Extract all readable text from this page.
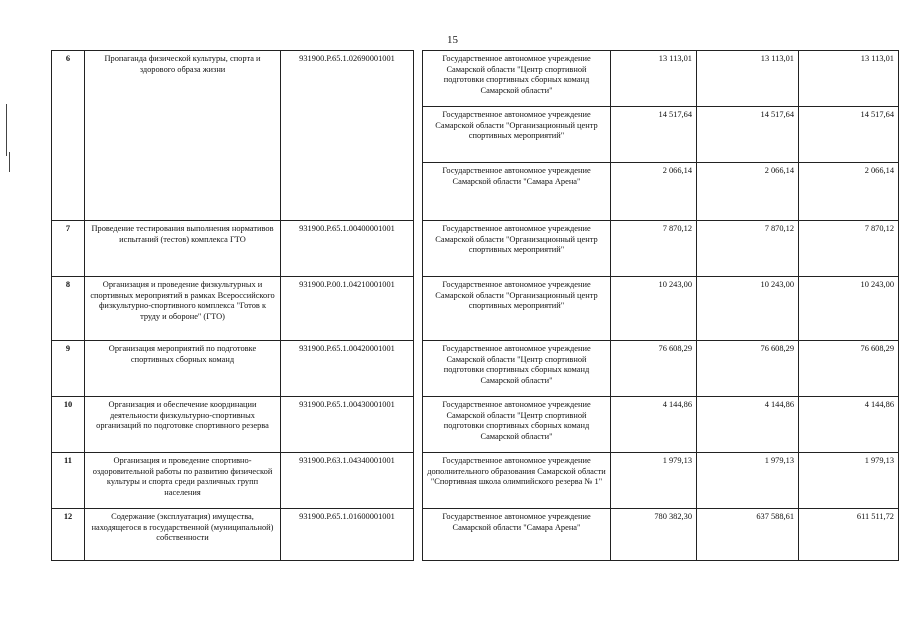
15
6	Пропаганда физической культуры, спорта и здорового образа жизни	931900.Р.65.1.02690001001		Государственное автономное учреждение Самарской области "Центр спортивной подготовки спортивных сборных команд Самарской области"	13 113,01	13 113,01	13 113,01
				Государственное автономное учреждение Самарской области "Организационный центр спортивных мероприятий"	14 517,64	14 517,64	14 517,64
				Государственное автономное учреждение Самарской области "Самара Арена"	2 066,14	2 066,14	2 066,14
7	Проведение тестирования выполнения нормативов испытаний (тестов) комплекса ГТО	931900.Р.65.1.00400001001		Государственное автономное учреждение Самарской области "Организационный центр спортивных мероприятий"	7 870,12	7 870,12	7 870,12
8	Организация и проведение физкультурных и спортивных мероприятий в рамках Всероссийского физкультурно-спортивного комплекса "Готов к труду и обороне" (ГТО)	931900.Р.00.1.04210001001		Государственное автономное учреждение Самарской области "Организационный центр спортивных мероприятий"	10 243,00	10 243,00	10 243,00
9	Организация мероприятий по подготовке спортивных сборных команд	931900.Р.65.1.00420001001		Государственное автономное учреждение Самарской области "Центр спортивной подготовки спортивных сборных команд Самарской области"	76 608,29	76 608,29	76 608,29
10	Организация и обеспечение координации деятельности физкультурно-спортивных организаций по подготовке спортивного резерва	931900.Р.65.1.00430001001		Государственное автономное учреждение Самарской области "Центр спортивной подготовки спортивных сборных команд Самарской области"	4 144,86	4 144,86	4 144,86
11	Организация и проведение спортивно-оздоровительной работы по развитию физической культуры и спорта среди различных групп населения	931900.Р.63.1.04340001001		Государственное автономное учреждение дополнительного образования Самарской области "Спортивная школа олимпийского резерва № 1"	1 979,13	1 979,13	1 979,13
12	Содержание (эксплуатация) имущества, находящегося в государственной (муниципальной) собственности	931900.Р.65.1.01600001001		Государственное автономное учреждение Самарской области "Самара Арена"	780 382,30	637 588,61	611 511,72
